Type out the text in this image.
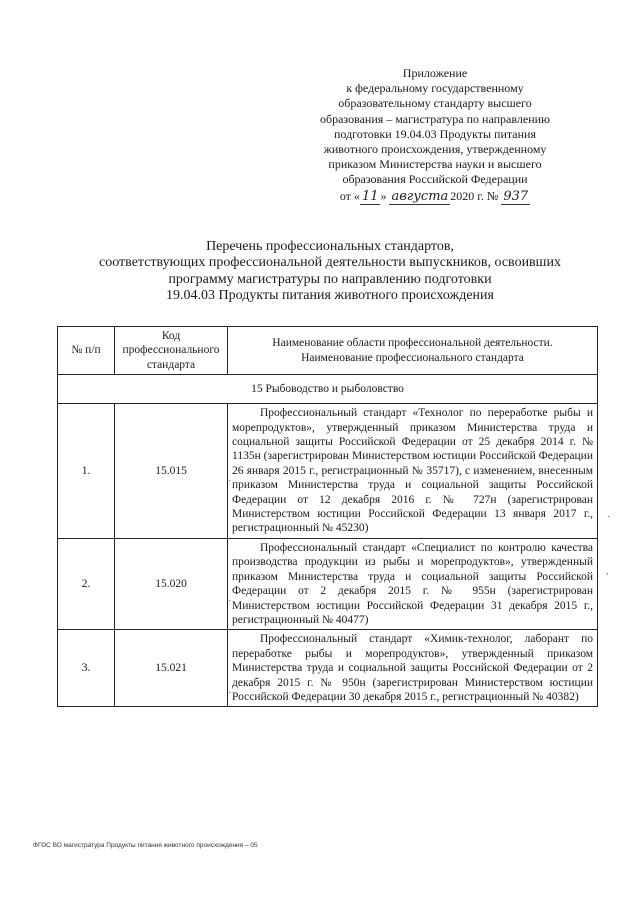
Приложение
к федеральному государственному
образовательному стандарту высшего
образования – магистратура по направлению
подготовки 19.04.03 Продукты питания
животного происхождения, утвержденному
приказом Министерства науки и высшего
образования Российской Федерации
от « 11 » августа 2020 г. № 937
Перечень профессиональных стандартов,
соответствующих профессиональной деятельности выпускников, освоивших
программу магистратуры по направлению подготовки
19.04.03 Продукты питания животного происхождения
№ п/п	Код профессионального стандарта	Наименование области профессиональной деятельности.
Наименование профессионального стандарта

15 Рыбоводство и рыболовство		
1.	15.015	Профессиональный стандарт «Технолог по переработке рыбы и морепродуктов», утвержденный приказом Министерства труда и социальной защиты Российской Федерации от 25 декабря 2014 г. № 1135н (зарегистрирован Министерством юстиции Российской Федерации 26 января 2015 г., регистрационный № 35717), с изменением, внесенным приказом Министерства труда и социальной защиты Российской Федерации от 12 декабря 2016 г. № 727н (зарегистрирован Министерством юстиции Российской Федерации 13 января 2017 г., регистрационный № 45230)
2.	15.020	Профессиональный стандарт «Специалист по контролю качества производства продукции из рыбы и морепродуктов», утвержденный приказом Министерства труда и социальной защиты Российской Федерации от 2 декабря 2015 г. № 955н (зарегистрирован Министерством юстиции Российской Федерации 31 декабря 2015 г., регистрационный № 40477)
3.	15.021	Профессиональный стандарт «Химик-технолог, лаборант по переработке рыбы и морепродуктов», утвержденный приказом Министерства труда и социальной защиты Российской Федерации от 2 декабря 2015 г. № 950н (зарегистрирован Министерством юстиции Российской Федерации 30 декабря 2015 г., регистрационный № 40382)
·
·
·
,
·
ФГОС ВО магистратура Продукты питания животного происхождения – 05
